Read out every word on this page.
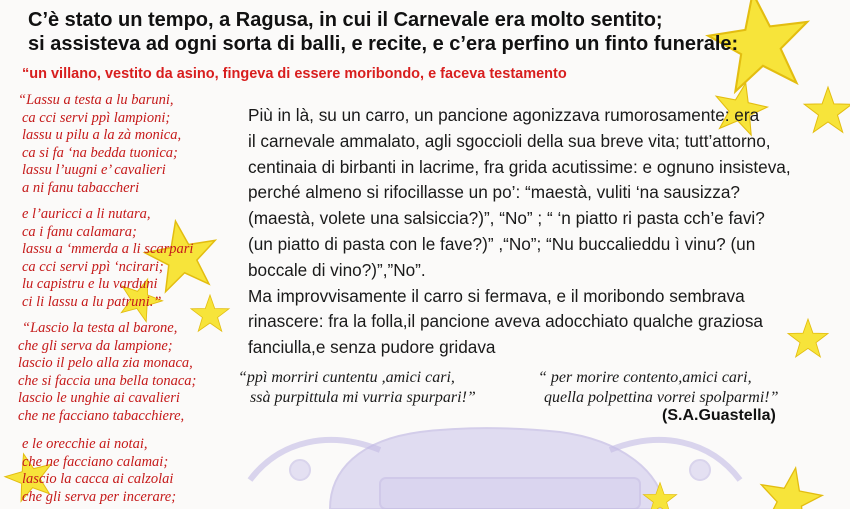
C’è stato un tempo, a Ragusa, in cui il Carnevale era molto sentito;
si assisteva ad ogni sorta di balli, e recite, e c’era perfino un finto funerale:
“un villano, vestito da asino, fingeva di essere moribondo, e faceva testamento
“Lassu a testa a lu baruni,
ca cci servi ppì lampioni;
lassu u pilu a la zà monica,
ca si fa ‘na bedda tuonica;
lassu l’uugni e’ cavalieri
a ni fanu tabaccheri
e l’auricci a li nutara,
ca i fanu calamara;
lassu a ‘mmerda a li scarpari
ca cci servi ppì ‘ncirari;
lu capistru e lu varduni
ci li lassu a lu patruni.”
“Lascio la testa al barone,
che gli serva da lampione;
lascio il pelo alla zia monaca,
che si faccia una bella tonaca;
lascio le unghie ai cavalieri
che ne facciano tabacchiere,
e le orecchie ai notai,
che ne facciano calamai;
lascio la cacca ai calzolai
che gli serva per incerare;
Più in là, su un carro, un pancione agonizzava rumorosamente: era
il carnevale ammalato, agli sgoccioli della sua breve vita; tutt’attorno,
centinaia di birbanti in lacrime, fra grida acutissime: e ognuno insisteva,
perché almeno si rifocillasse un po’: “maestà, vuliti ‘na sausizza?
(maestà, volete una salsiccia?)”, “No” ; “ ‘n piatto ri pasta cch’e favi?
(un piatto di pasta con le fave?)” ,“No”; “Nu buccalieddu ì vinu? (un
boccale di vino?)”,”No”.
Ma improvvisamente il carro si fermava, e il moribondo sembrava
rinascere: fra la folla,il pancione aveva adocchiato qualche graziosa
fanciulla,e senza pudore gridava
“ppì morriri cuntentu ,amici cari,
ssà purpittula mi vurria spurpari!”
“ per morire contento,amici cari,
quella polpettina vorrei spolparmi!”
(S.A.Guastella)
